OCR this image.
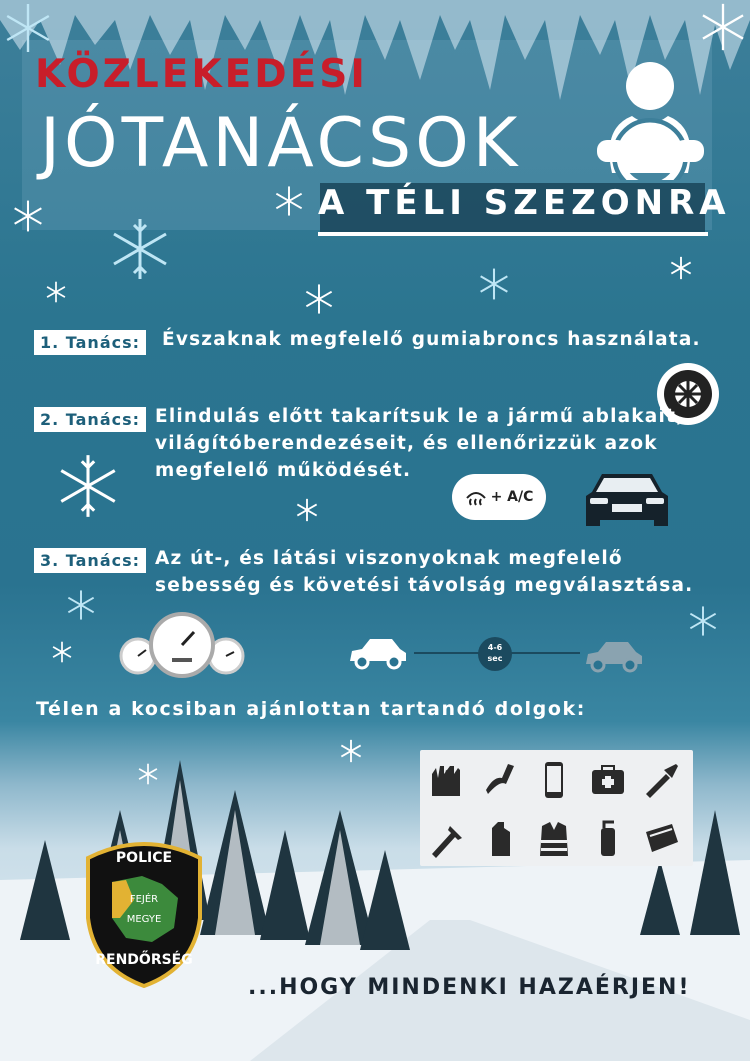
KÖZLEKEDÉSI
JÓTANÁCSOK
A TÉLI SZEZONRA
1. Tanács:	Évszaknak megfelelő gumiabroncs használata.
2. Tanács: Elindulás előtt takarítsuk le a jármű ablakait,
világítóberendezéseit, és ellenőrizzük azok
megfelelő működését.
+ A/C
3. Tanács: Az út-, és látási viszonyoknak megfelelő
sebesség és követési távolság megválasztása.
4-6
sec
Télen a kocsiban ajánlottan tartandó dolgok:
POLICE
FEJÉR
MEGYE
RENDŐRSÉG
...HOGY MINDENKI HAZAÉRJEN!
